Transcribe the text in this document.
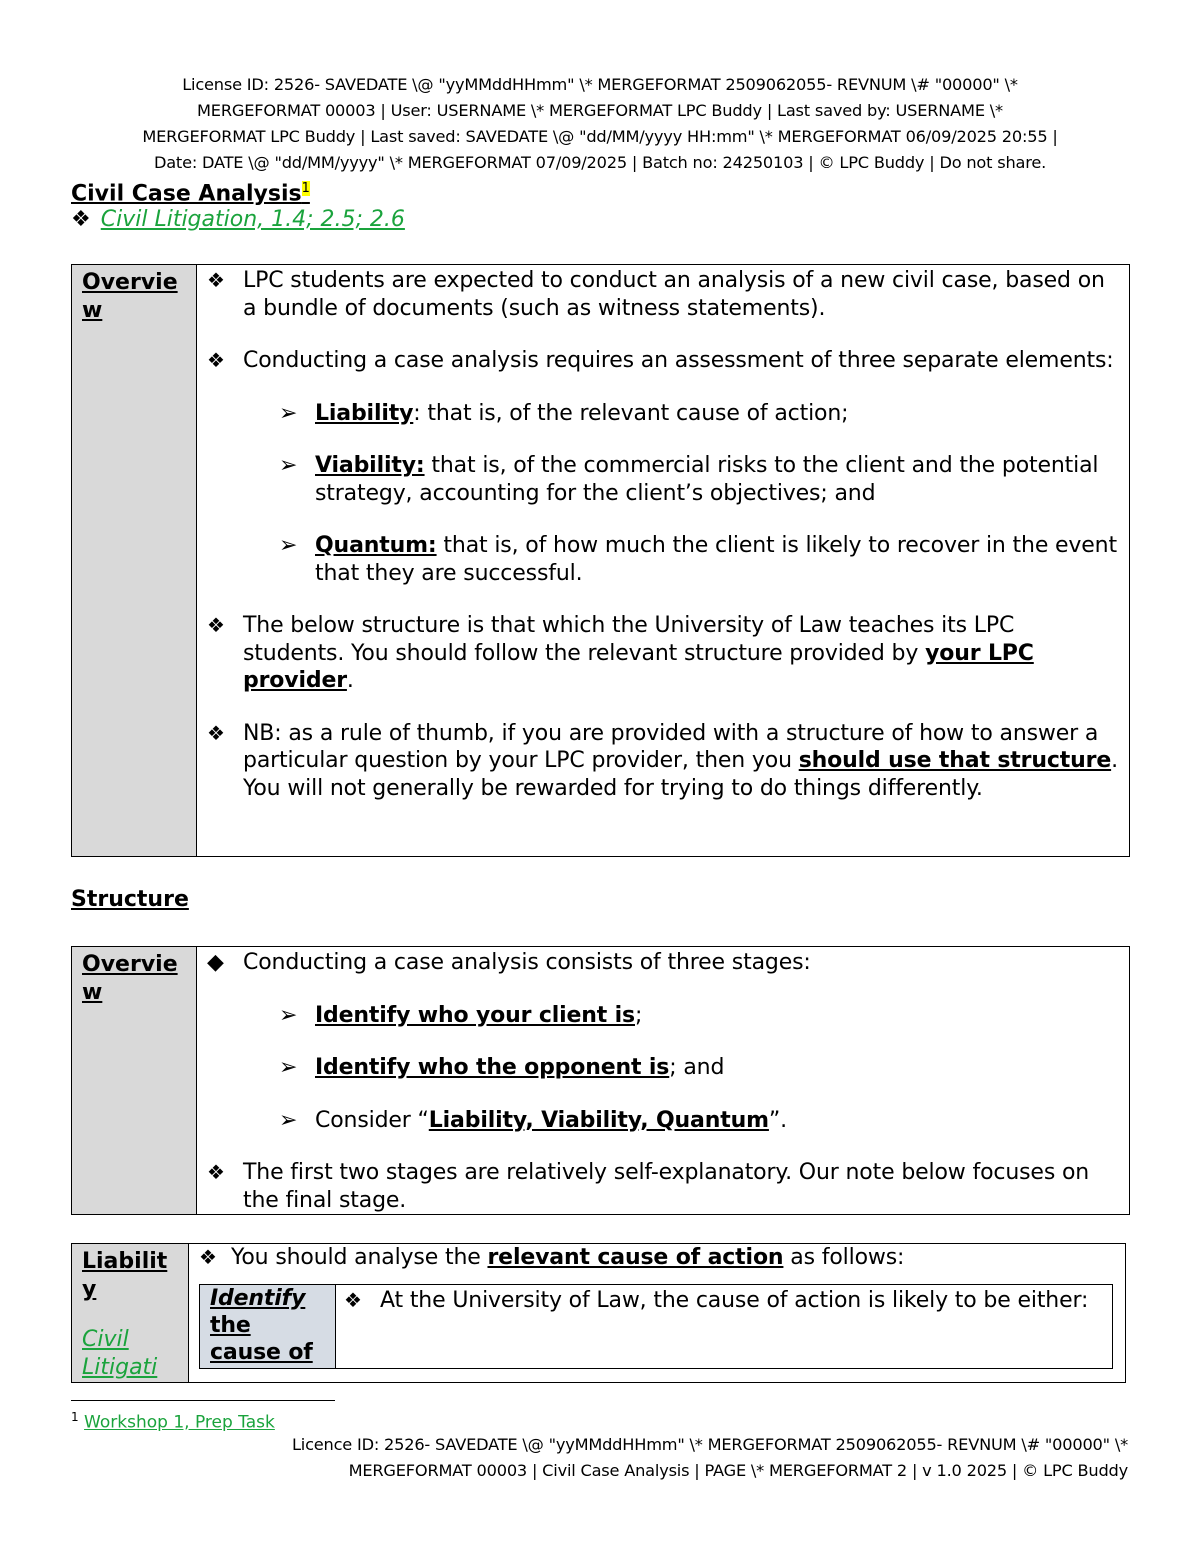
License ID: 2526- SAVEDATE \@ "yyMMddHHmm" \* MERGEFORMAT 2509062055- REVNUM \# "00000" \*
MERGEFORMAT 00003 | User: USERNAME \* MERGEFORMAT LPC Buddy | Last saved by: USERNAME \*
MERGEFORMAT LPC Buddy | Last saved: SAVEDATE \@ "dd/MM/yyyy HH:mm" \* MERGEFORMAT 06/09/2025 20:55 |
Date: DATE \@ "dd/MM/yyyy" \* MERGEFORMAT 07/09/2025 | Batch no: 24250103 | © LPC Buddy | Do not share.
Civil Case Analysis$^1$
❖ Civil Litigation, 1.4; 2.5; 2.6
Overvie
w

❖ LPC students are expected to conduct an analysis of a new civil case, based on a bundle of documents (such as witness statements).
❖ Conducting a case analysis requires an assessment of three separate elements:
➢ Liability: that is, of the relevant cause of action;
➢ Viability: that is, of the commercial risks to the client and the potential strategy, accounting for the client’s objectives; and
➢ Quantum: that is, of how much the client is likely to recover in the event that they are successful.
❖ The below structure is that which the University of Law teaches its LPC students. You should follow the relevant structure provided by your LPC provider.
❖ NB: as a rule of thumb, if you are provided with a structure of how to answer a particular question by your LPC provider, then you should use that structure. You will not generally be rewarded for trying to do things differently.
Structure
Overvie
w

◆ Conducting a case analysis consists of three stages:
➢ Identify who your client is;
➢ Identify who the opponent is; and
➢ Consider “Liability, Viability, Quantum”.
❖ The first two stages are relatively self-explanatory. Our note below focuses on the final stage.
Liabilit
y
Civil
Litigati

❖ You should analyse the relevant cause of action as follows:
Identify
the
cause of

❖ At the University of Law, the cause of action is likely to be either:
$^1$ Workshop 1, Prep Task
Licence ID: 2526- SAVEDATE \@ "yyMMddHHmm" \* MERGEFORMAT 2509062055- REVNUM \# "00000" \*
MERGEFORMAT 00003 | Civil Case Analysis | PAGE \* MERGEFORMAT 2 | v 1.0 2025 | © LPC Buddy
